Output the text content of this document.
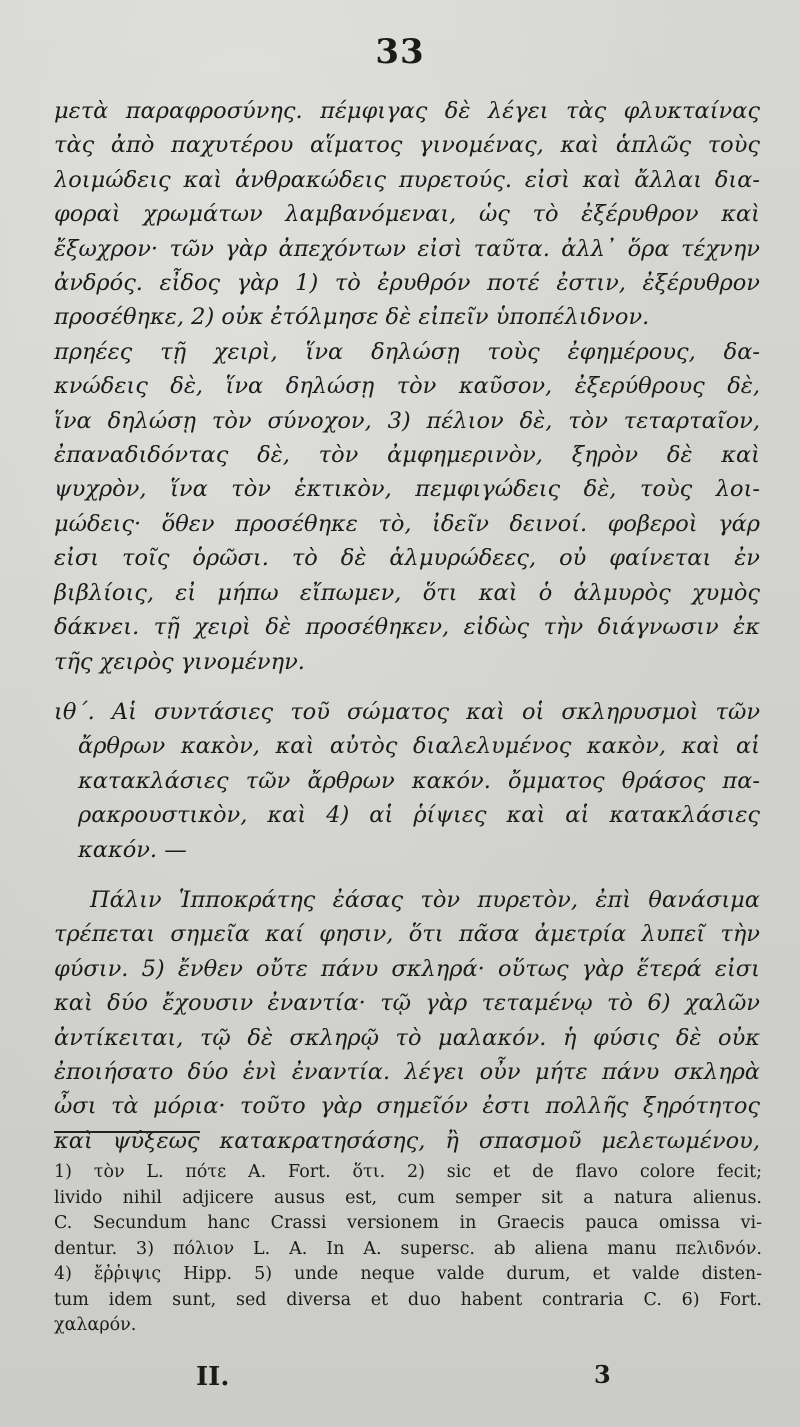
33
μετὰ παραφροσύνης. πέμφιγας δὲ λέγει τὰς φλυκταίνας
τὰς ἀπὸ παχυτέρου αἵματος γινομένας, καὶ ἁπλῶς τοὺς
λοιμώδεις καὶ ἀνθρακώδεις πυρετούς. εἰσὶ καὶ ἄλλαι δια-
φοραὶ χρωμάτων λαμβανόμεναι, ὡς τὸ ἐξέρυθρον καὶ
ἔξωχρον· τῶν γὰρ ἀπεχόντων εἰσὶ ταῦτα. ἀλλ᾽ ὅρα τέχνην
ἀνδρός. εἶδος γὰρ 1) τὸ ἐρυθρόν ποτέ ἐστιν, ἐξέρυθρον
προσέθηκε, 2) οὐκ ἐτόλμησε δὲ εἰπεῖν ὑποπέλιδνον.
πρηέες τῇ χειρὶ, ἵνα δηλώσῃ τοὺς ἐφημέρους, δα-
κνώδεις δὲ, ἵνα δηλώσῃ τὸν καῦσον, ἐξερύθρους δὲ,
ἵνα δηλώσῃ τὸν σύνοχον, 3) πέλιον δὲ, τὸν τεταρταῖον,
ἐπαναδιδόντας δὲ, τὸν ἀμφημερινὸν, ξηρὸν δὲ καὶ
ψυχρὸν, ἵνα τὸν ἑκτικὸν, πεμφιγώδεις δὲ, τοὺς λοι-
μώδεις· ὅθεν προσέθηκε τὸ, ἰδεῖν δεινοί. φοβεροὶ γάρ
εἰσι τοῖς ὁρῶσι. τὸ δὲ ἁλμυρώδεες, οὐ φαίνεται ἐν
βιβλίοις, εἰ μήπω εἴπωμεν, ὅτι καὶ ὁ ἁλμυρὸς χυμὸς
δάκνει. τῇ χειρὶ δὲ προσέθηκεν, εἰδὼς τὴν διάγνωσιν ἐκ
τῆς χειρὸς γινομένην.
ιθ΄. Αἱ συντάσιες τοῦ σώματος καὶ οἱ σκληρυσμοὶ τῶν
ἄρθρων κακὸν, καὶ αὐτὸς διαλελυμένος κακὸν, καὶ αἱ
κατακλάσιες τῶν ἄρθρων κακόν. ὄμματος θράσος πα-
ρακρουστικὸν, καὶ 4) αἱ ῥίψιες καὶ αἱ κατακλάσιες
κακόν. —
Πάλιν Ἱπποκράτης ἐάσας τὸν πυρετὸν, ἐπὶ θανάσιμα
τρέπεται σημεῖα καί φησιν, ὅτι πᾶσα ἀμετρία λυπεῖ τὴν
φύσιν. 5) ἔνθεν οὔτε πάνυ σκληρά· οὕτως γὰρ ἕτερά εἰσι
καὶ δύο ἔχουσιν ἐναντία· τῷ γὰρ τεταμένῳ τὸ 6) χαλῶν
ἀντίκειται, τῷ δὲ σκληρῷ τὸ μαλακόν. ἡ φύσις δὲ οὐκ
ἐποιήσατο δύο ἑνὶ ἐναντία. λέγει οὖν μήτε πάνυ σκληρὰ
ὦσι τὰ μόρια· τοῦτο γὰρ σημεῖόν ἐστι πολλῆς ξηρότητος
καὶ ψύξεως κατακρατησάσης, ἢ σπασμοῦ μελετωμένου,
1) τὸν L. πότε A. Fort. ὅτι. 2) sic et de flavo colore fecit;
livido nihil adjicere ausus est, cum semper sit a natura alienus.
C. Secundum hanc Crassi versionem in Graecis pauca omissa vi-
dentur. 3) πόλιον L. A. In A. supersc. ab aliena manu πελιδνόν.
4) ἔῤῥιψις Hipp. 5) unde neque valde durum, et valde disten-
tum idem sunt, sed diversa et duo habent contraria C. 6) Fort.
χαλαρόν.
II.	3
